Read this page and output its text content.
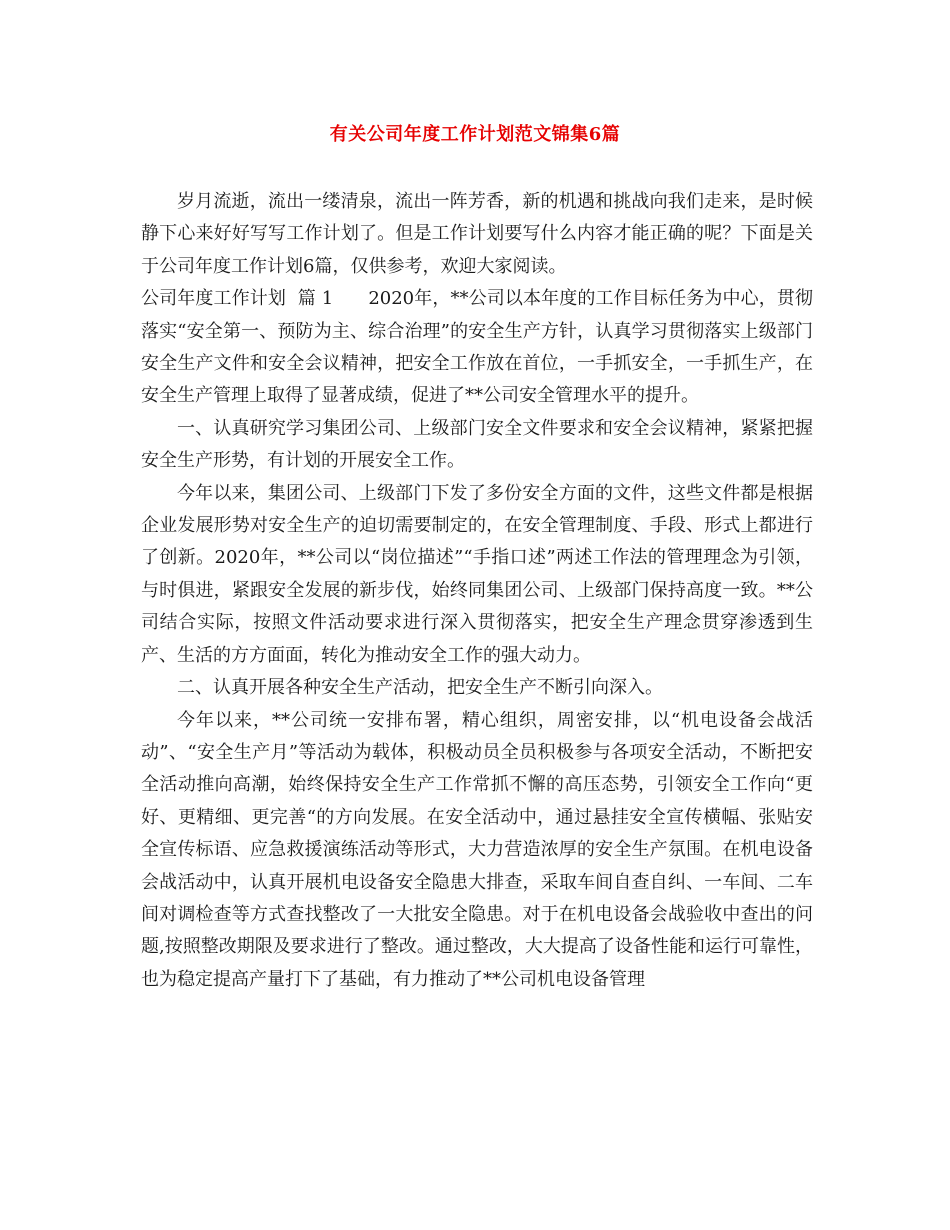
有关公司年度工作计划范文锦集6篇

岁月流逝，流出一缕清泉，流出一阵芳香，新的机遇和挑战向我们走来，是时候静下心来好好写写工作计划了。但是工作计划要写什么内容才能正确的呢？下面是关于公司年度工作计划6篇，仅供参考，欢迎大家阅读。

公司年度工作计划  篇 1 2020年，**公司以本年度的工作目标任务为中心，贯彻落实“安全第一、预防为主、综合治理”的安全生产方针，认真学习贯彻落实上级部门安全生产文件和安全会议精神，把安全工作放在首位，一手抓安全，一手抓生产，在安全生产管理上取得了显著成绩，促进了**公司安全管理水平的提升。

一、认真研究学习集团公司、上级部门安全文件要求和安全会议精神，紧紧把握安全生产形势，有计划的开展安全工作。

今年以来，集团公司、上级部门下发了多份安全方面的文件，这些文件都是根据企业发展形势对安全生产的迫切需要制定的，在安全管理制度、手段、形式上都进行了创新。2020年，**公司以“岗位描述”“手指口述”两述工作法的管理理念为引领，与时俱进，紧跟安全发展的新步伐，始终同集团公司、上级部门保持高度一致。**公司结合实际，按照文件活动要求进行深入贯彻落实，把安全生产理念贯穿渗透到生产、生活的方方面面，转化为推动安全工作的强大动力。

二、认真开展各种安全生产活动，把安全生产不断引向深入。

今年以来，**公司统一安排布署，精心组织，周密安排，以“机电设备会战活动”、“安全生产月”等活动为载体，积极动员全员积极参与各项安全活动，不断把安全活动推向高潮，始终保持安全生产工作常抓不懈的高压态势，引领安全工作向“更好、更精细、更完善“的方向发展。在安全活动中，通过悬挂安全宣传横幅、张贴安全宣传标语、应急救援演练活动等形式，大力营造浓厚的安全生产氛围。在机电设备会战活动中，认真开展机电设备安全隐患大排查，采取车间自查自纠、一车间、二车间对调检查等方式查找整改了一大批安全隐患。对于在机电设备会战验收中查出的问题,按照整改期限及要求进行了整改。通过整改，大大提高了设备性能和运行可靠性，也为稳定提高产量打下了基础，有力推动了**公司机电设备管理
